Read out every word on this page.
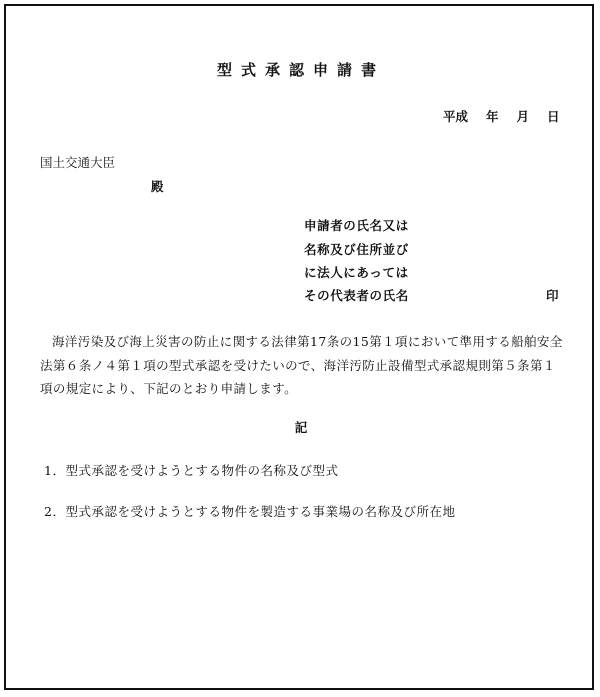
型式承認申請書
平成 年 月 日
国土交通大臣
殿
申請者の氏名又は
名称及び住所並び
に法人にあっては
その代表者の氏名	印

海洋汚染及び海上災害の防止に関する法律第17条の15第１項において準用する船舶安全法第６条ノ４第１項の型式承認を受けたいので、海洋汚防止設備型式承認規則第５条第１項の規定により、下記のとおり申請します。

記
1．型式承認を受けようとする物件の名称及び型式
2．型式承認を受けようとする物件を製造する事業場の名称及び所在地
